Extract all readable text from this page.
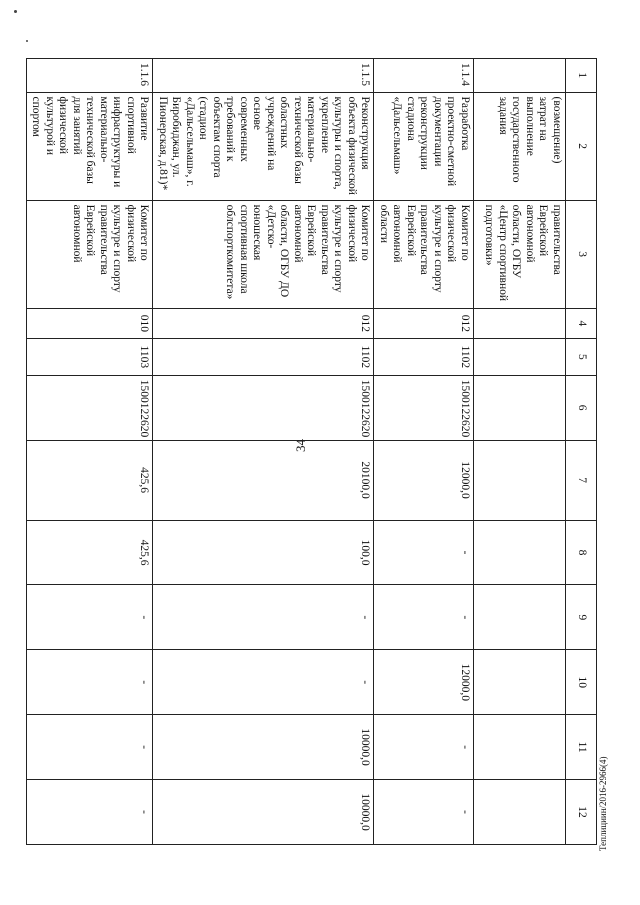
34
Теплициин/2016-2966(4)
1	2	3	4	5	6	7	8	9	10	11	12
	(возмещение) затрат на выполнение государственного задания	правительства Еврейской автономной области, ОГБУ «Центр спортивной подготовки»									
1.1.4	Разработка проектно-сметной документации реконструкции стадиона «Дальсельмаш»	Комитет по физической культуре и спорту правительства Еврейской автономной области	012	1102	1500122620	12000,0	-	-	12000,0	-	-
1.1.5	Реконструкция объекта физической культуры и спорта, укрепление материально-технической базы областных учреждений на основе современных требований к объектам спорта (стадион «Дальсельмаш», г. Биробиджан, ул. Пионерская, д.81)*	Комитет по физической культуре и спорту правительства Еврейской автономной области, ОГБУ ДО «Детско-юношеская спортивная школа облспорткомитета»	012	1102	1500122620	20100,0	100,0	-	-	10000,0	10000,0
1.1.6	Развитие спортивной инфраструктуры и материально-технической базы для занятий физической культурой и спортом	Комитет по физической культуре и спорту правительства Еврейской автономной	010	1103	1500122620	425,6	425,6	-	-	-	-
